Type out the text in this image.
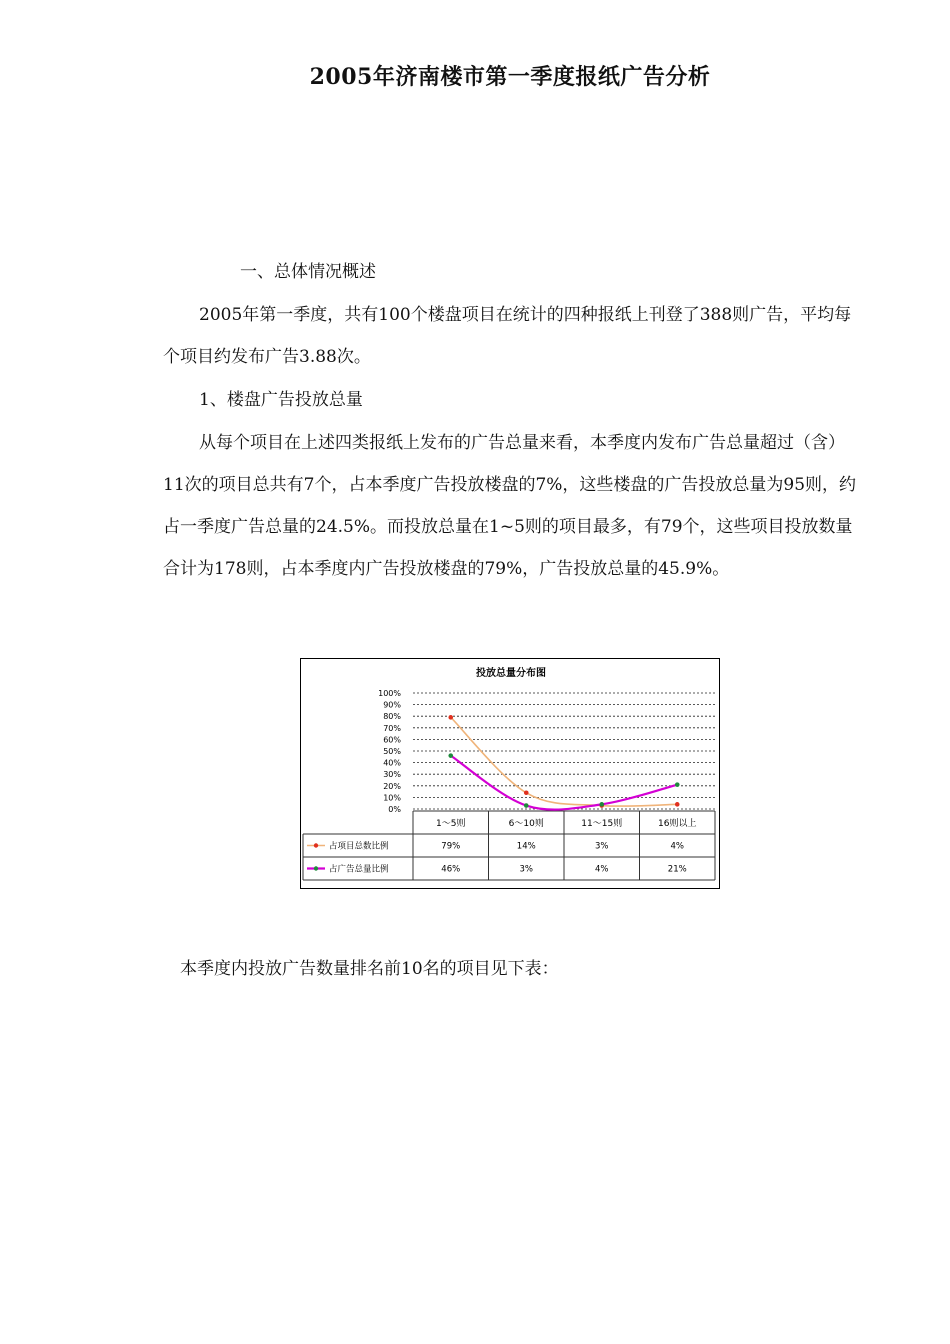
2005年济南楼市第一季度报纸广告分析

一、总体情况概述

2005年第一季度，共有100个楼盘项目在统计的四种报纸上刊登了388则广告，平均每个项目约发布广告3.88次。

1、楼盘广告投放总量

从每个项目在上述四类报纸上发布的广告总量来看，本季度内发布广告总量超过（含）11次的项目总共有7个，占本季度广告投放楼盘的7%，这些楼盘的广告投放总量为95则，约占一季度广告总量的24.5%。而投放总量在1~5则的项目最多，有79个，这些项目投放数量合计为178则，占本季度内广告投放楼盘的79%，广告投放总量的45.9%。

投放总量分布图
100%
90%
80%
70%
60%
50%
40%
30%
20%
10%
0%
1～5则	6～10则	11～15则	16则以上
占项目总数比例	79%	14%	3%	4%
占广告总量比例	46%	3%	4%	21%

本季度内投放广告数量排名前10名的项目见下表：
